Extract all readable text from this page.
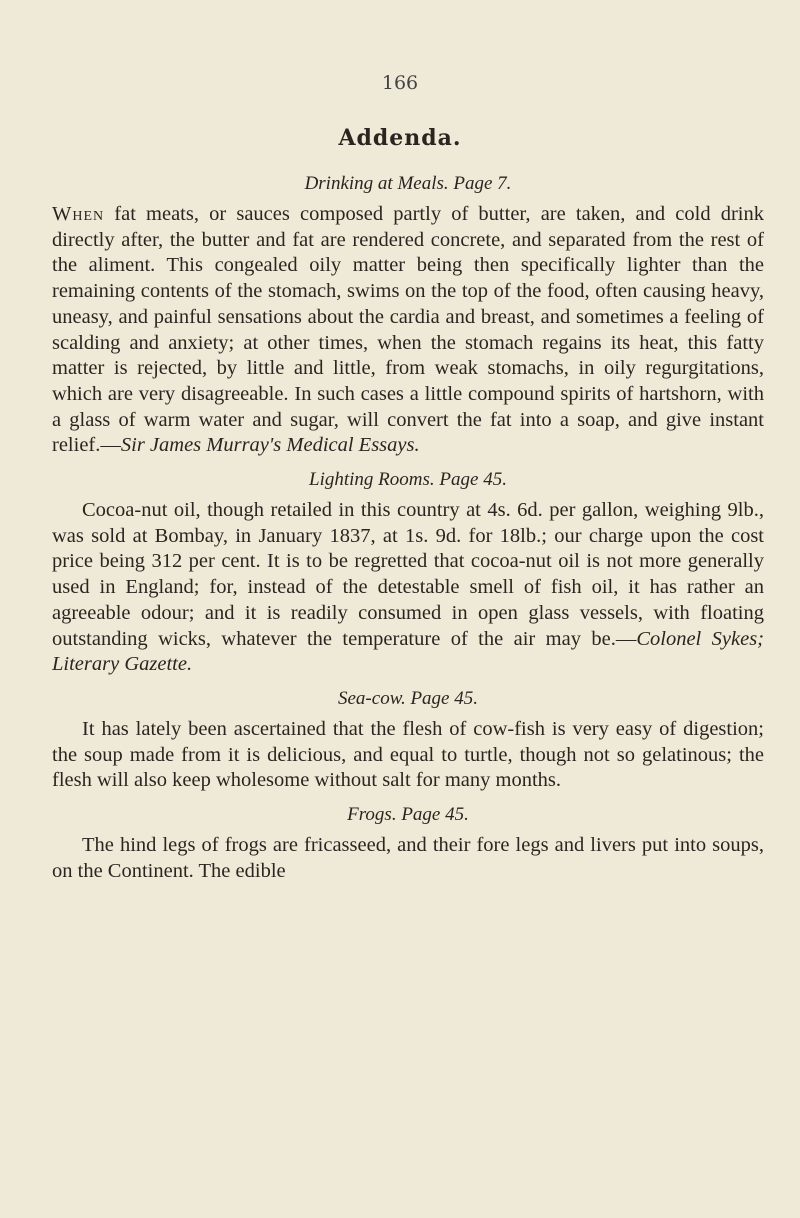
166
Addenda.

Drinking at Meals. Page 7.

When fat meats, or sauces composed partly of butter, are taken, and cold drink directly after, the butter and fat are rendered concrete, and separated from the rest of the aliment. This congealed oily matter being then specifically lighter than the remaining contents of the stomach, swims on the top of the food, often causing heavy, uneasy, and painful sensations about the cardia and breast, and sometimes a feeling of scalding and anxiety; at other times, when the stomach regains its heat, this fatty matter is rejected, by little and little, from weak stomachs, in oily regurgitations, which are very disagreeable. In such cases a little compound spirits of hartshorn, with a glass of warm water and sugar, will convert the fat into a soap, and give instant relief.—Sir James Murray's Medical Essays.

Lighting Rooms. Page 45.

Cocoa-nut oil, though retailed in this country at 4s. 6d. per gallon, weighing 9lb., was sold at Bombay, in January 1837, at 1s. 9d. for 18lb.; our charge upon the cost price being 312 per cent. It is to be regretted that cocoa-nut oil is not more generally used in England; for, instead of the detestable smell of fish oil, it has rather an agreeable odour; and it is readily consumed in open glass vessels, with floating outstanding wicks, whatever the temperature of the air may be.—Colonel Sykes; Literary Gazette.

Sea-cow. Page 45.

It has lately been ascertained that the flesh of cow-fish is very easy of digestion; the soup made from it is delicious, and equal to turtle, though not so gelatinous; the flesh will also keep wholesome without salt for many months.

Frogs. Page 45.

The hind legs of frogs are fricasseed, and their fore legs and livers put into soups, on the Continent. The edible
